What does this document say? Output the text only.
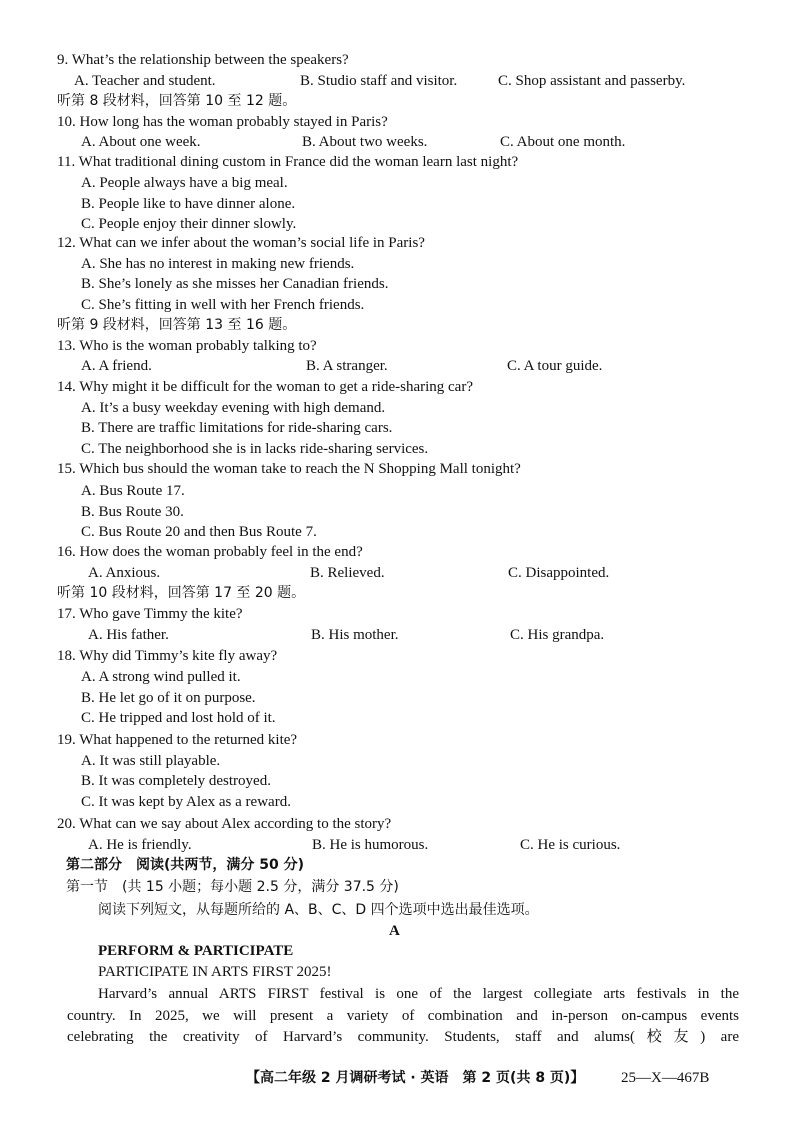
9. What’s the relationship between the speakers?
A. Teacher and student.	B. Studio staff and visitor.	C. Shop assistant and passerby.
听第 8 段材料，回答第 10 至 12 题。
10. How long has the woman probably stayed in Paris?
A. About one week.	B. About two weeks.	C. About one month.
11. What traditional dining custom in France did the woman learn last night?
A. People always have a big meal.
B. People like to have dinner alone.
C. People enjoy their dinner slowly.
12. What can we infer about the woman’s social life in Paris?
A. She has no interest in making new friends.
B. She’s lonely as she misses her Canadian friends.
C. She’s fitting in well with her French friends.
听第 9 段材料，回答第 13 至 16 题。
13. Who is the woman probably talking to?
A. A friend.	B. A stranger.	C. A tour guide.
14. Why might it be difficult for the woman to get a ride-sharing car?
A. It’s a busy weekday evening with high demand.
B. There are traffic limitations for ride-sharing cars.
C. The neighborhood she is in lacks ride-sharing services.
15. Which bus should the woman take to reach the N Shopping Mall tonight?
A. Bus Route 17.
B. Bus Route 30.
C. Bus Route 20 and then Bus Route 7.
16. How does the woman probably feel in the end?
A. Anxious.	B. Relieved.	C. Disappointed.
听第 10 段材料，回答第 17 至 20 题。
17. Who gave Timmy the kite?
A. His father.	B. His mother.	C. His grandpa.
18. Why did Timmy’s kite fly away?
A. A strong wind pulled it.
B. He let go of it on purpose.
C. He tripped and lost hold of it.
19. What happened to the returned kite?
A. It was still playable.
B. It was completely destroyed.
C. It was kept by Alex as a reward.
20. What can we say about Alex according to the story?
A. He is friendly.	B. He is humorous.	C. He is curious.
第二部分　阅读(共两节，满分 50 分)
第一节　(共 15 小题；每小题 2.5 分，满分 37.5 分)
阅读下列短文，从每题所给的 A、B、C、D 四个选项中选出最佳选项。
A
PERFORM & PARTICIPATE
PARTICIPATE IN ARTS FIRST 2025!
Harvard’s annual ARTS FIRST festival is one of the largest collegiate arts festivals in the
country. In 2025, we will present a variety of combination and in-person on-campus events
celebrating the creativity of Harvard’s community. Students, staff and alums(校友) are
【高二年级 2 月调研考试 · 英语　第 2 页(共 8 页)】 25—X—467B
